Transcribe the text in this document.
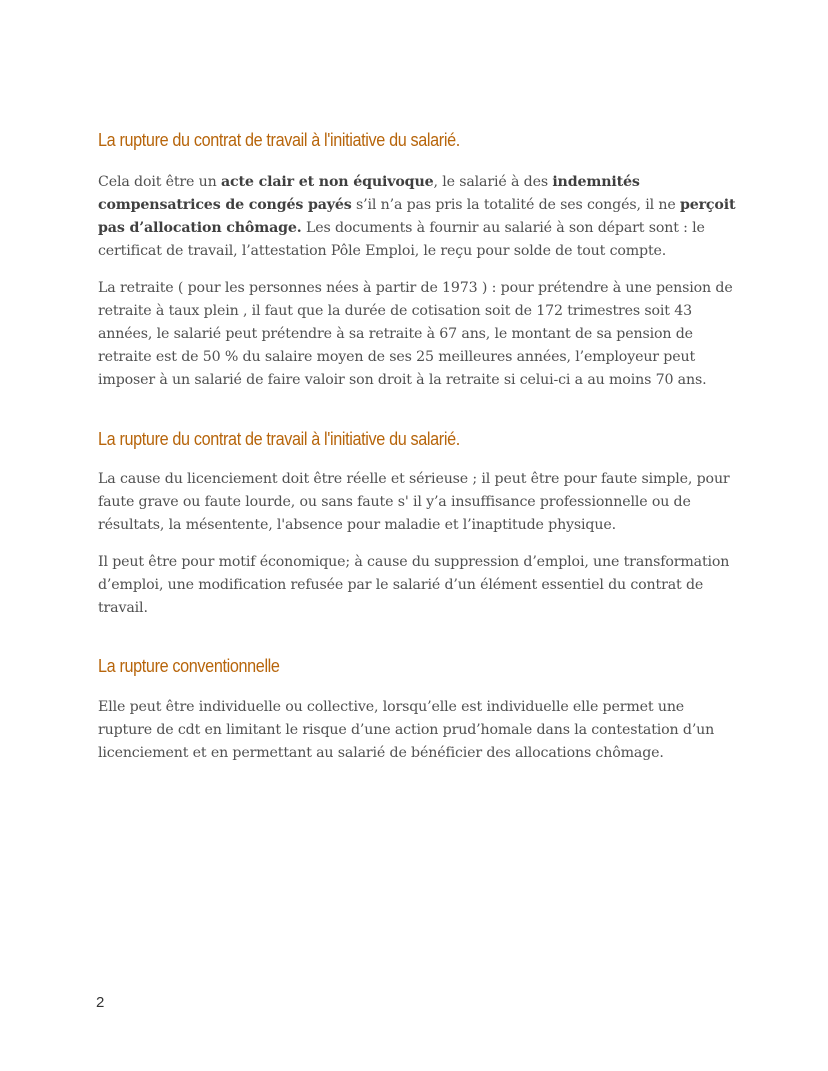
La rupture du contrat de travail à l'initiative du salarié.

Cela doit être un acte clair et non équivoque, le salarié à des indemnités compensatrices de congés payés s’il n’a pas pris la totalité de ses congés, il ne perçoit pas d’allocation chômage. Les documents à fournir au salarié à son départ sont : le certificat de travail, l’attestation Pôle Emploi, le reçu pour solde de tout compte.

La retraite ( pour les personnes nées à partir de 1973 ) : pour prétendre à une pension de retraite à taux plein , il faut que la durée de cotisation soit de 172 trimestres soit 43 années, le salarié peut prétendre à sa retraite à 67 ans, le montant de sa pension de retraite est de 50 % du salaire moyen de ses 25 meilleures années, l’employeur peut imposer à un salarié de faire valoir son droit à la retraite si celui-ci a au moins 70 ans.

La rupture du contrat de travail à l'initiative du salarié.

La cause du licenciement doit être réelle et sérieuse ; il peut être pour faute simple, pour faute grave ou faute lourde, ou sans faute s' il y’a insuffisance professionnelle ou de résultats, la mésentente, l'absence pour maladie et l’inaptitude physique.

Il peut être pour motif économique; à cause du suppression d’emploi, une transformation d’emploi, une modification refusée par le salarié d’un élément essentiel du contrat de travail.

La rupture conventionnelle

Elle peut être individuelle ou collective, lorsqu’elle est individuelle elle permet une rupture de cdt en limitant le risque d’une action prud’homale dans la contestation d’un licenciement et en permettant au salarié de bénéficier des allocations chômage.

2
